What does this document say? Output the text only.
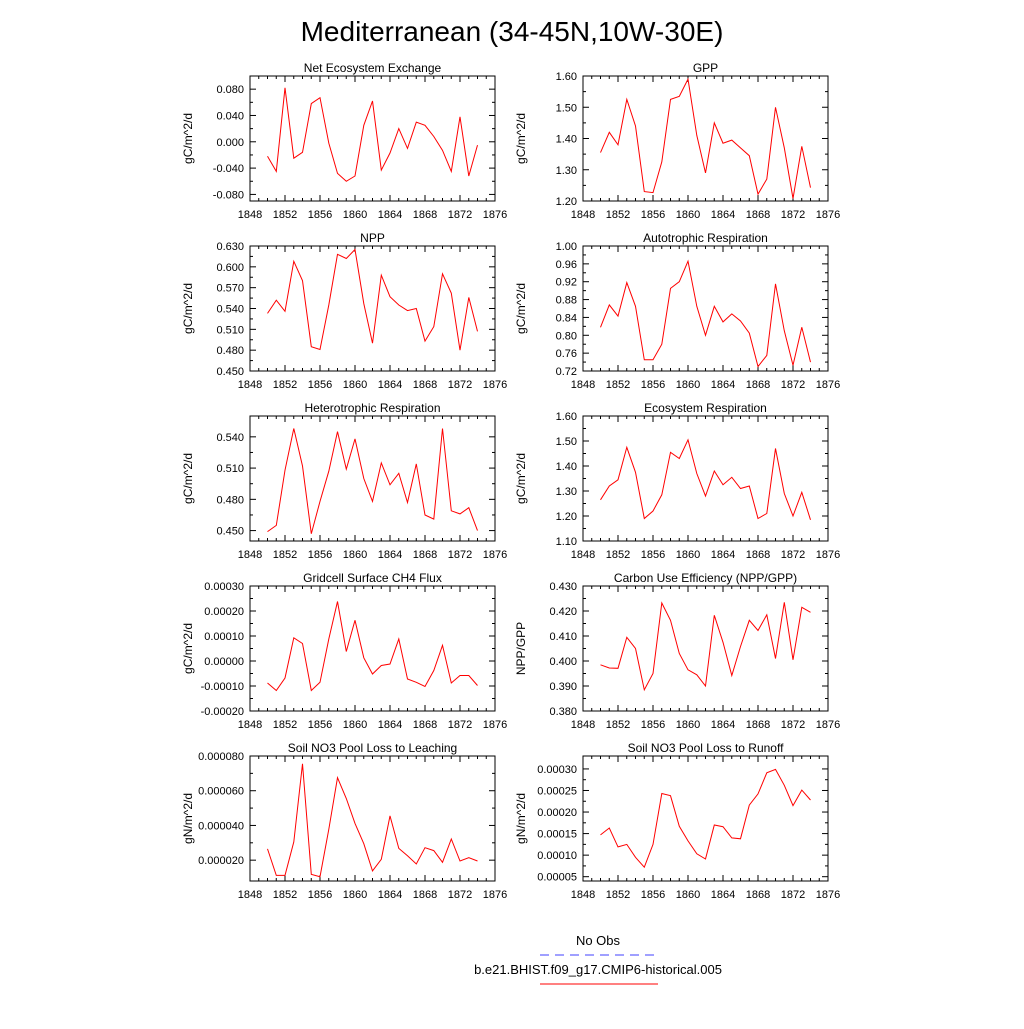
Mediterranean (34-45N,10W-30E)
Net Ecosystem Exchange
gC/m^2/d
1848 1852 1856 1860 1864 1868 1872 1876
-0.080
-0.040
0.000
0.040
0.080
GPP
gC/m^2/d
1848 1852 1856 1860 1864 1868 1872 1876
1.20
1.30
1.40
1.50
1.60
NPP
gC/m^2/d
1848 1852 1856 1860 1864 1868 1872 1876
0.450
0.480
0.510
0.540
0.570
0.600
0.630
Autotrophic Respiration
gC/m^2/d
1848 1852 1856 1860 1864 1868 1872 1876
0.72
0.76
0.80
0.84
0.88
0.92
0.96
1.00
Heterotrophic Respiration
gC/m^2/d
1848 1852 1856 1860 1864 1868 1872 1876
0.450
0.480
0.510
0.540
Ecosystem Respiration
gC/m^2/d
1848 1852 1856 1860 1864 1868 1872 1876
1.10
1.20
1.30
1.40
1.50
1.60
Gridcell Surface CH4 Flux
gC/m^2/d
1848 1852 1856 1860 1864 1868 1872 1876
-0.00020
-0.00010
0.00000
0.00010
0.00020
0.00030
Carbon Use Efficiency (NPP/GPP)
NPP/GPP
1848 1852 1856 1860 1864 1868 1872 1876
0.380
0.390
0.400
0.410
0.420
0.430
Soil NO3 Pool Loss to Leaching
gN/m^2/d
1848 1852 1856 1860 1864 1868 1872 1876
0.000020
0.000040
0.000060
0.000080
Soil NO3 Pool Loss to Runoff
gN/m^2/d
1848 1852 1856 1860 1864 1868 1872 1876
0.00005
0.00010
0.00015
0.00020
0.00025
0.00030
No Obs
b.e21.BHIST.f09_g17.CMIP6-historical.005
